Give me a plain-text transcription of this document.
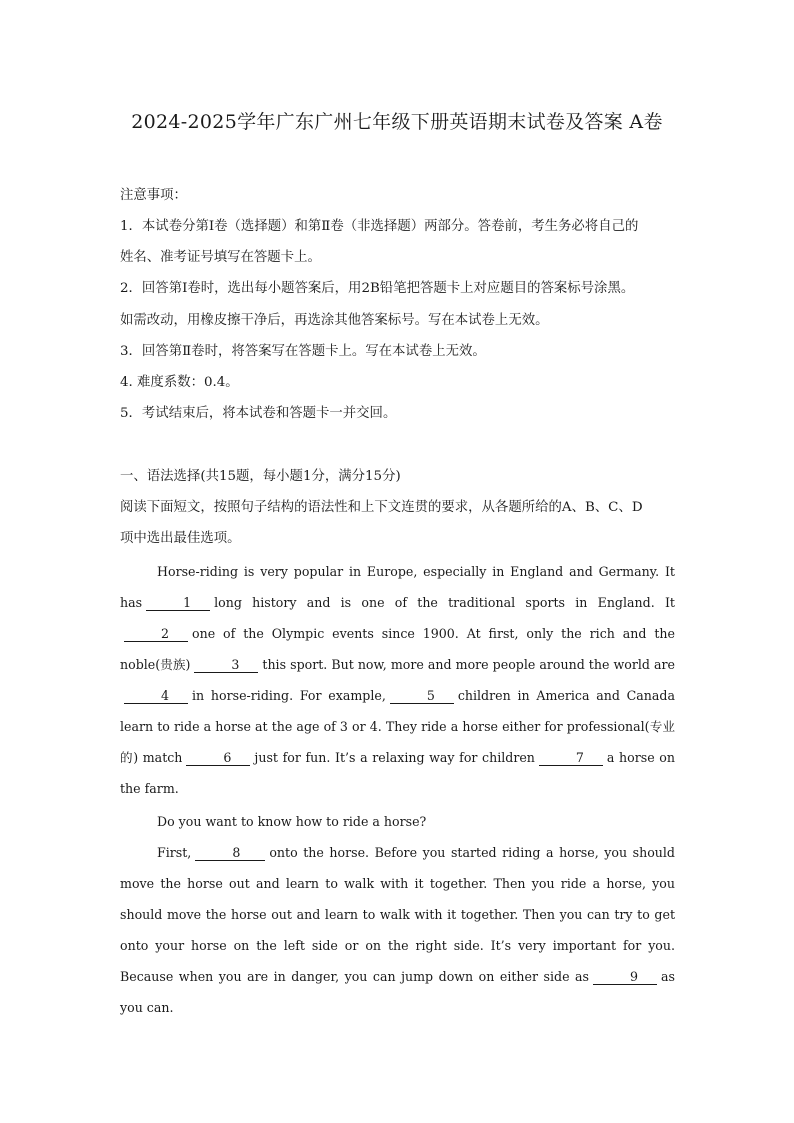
2024-2025学年广东广州七年级下册英语期末试卷及答案 A卷

注意事项：

1．本试卷分第Ⅰ卷（选择题）和第Ⅱ卷（非选择题）两部分。答卷前，考生务必将自己的

姓名、准考证号填写在答题卡上。

2．回答第Ⅰ卷时，选出每小题答案后，用2B铅笔把答题卡上对应题目的答案标号涂黑。

如需改动，用橡皮擦干净后，再选涂其他答案标号。写在本试卷上无效。

3．回答第Ⅱ卷时，将答案写在答题卡上。写在本试卷上无效。

4. 难度系数：0.4。

5．考试结束后，将本试卷和答题卡一并交回。

一、语法选择(共15题，每小题1分，满分15分)

阅读下面短文，按照句子结构的语法性和上下文连贯的要求，从各题所给的A、B、C、D

项中选出最佳选项。

Horse-riding is very popular in Europe, especially in England and Germany. It has	1 long history and is one of the traditional sports in England. It2 one of the Olympic events since 1900. At first, only the rich and the noble(贵族)	3 this sport. But now, more and more people around the world are4 in horse-riding. For example,	5 children in America and Canada learn to ride a horse at the age of 3 or 4. They ride a horse either for professional(专业的) match	6 just for fun. It’s a relaxing way for children	7 a horse on the farm.

Do you want to know how to ride a horse?

First,	8 onto the horse. Before you started riding a horse, you should move the horse out and learn to walk with it together. Then you ride a horse, you should move the horse out and learn to walk with it together. Then you can try to get onto your horse on the left side or on the right side. It’s very important for you. Because when you are in danger, you can jump down on either side as	9 as you can.
